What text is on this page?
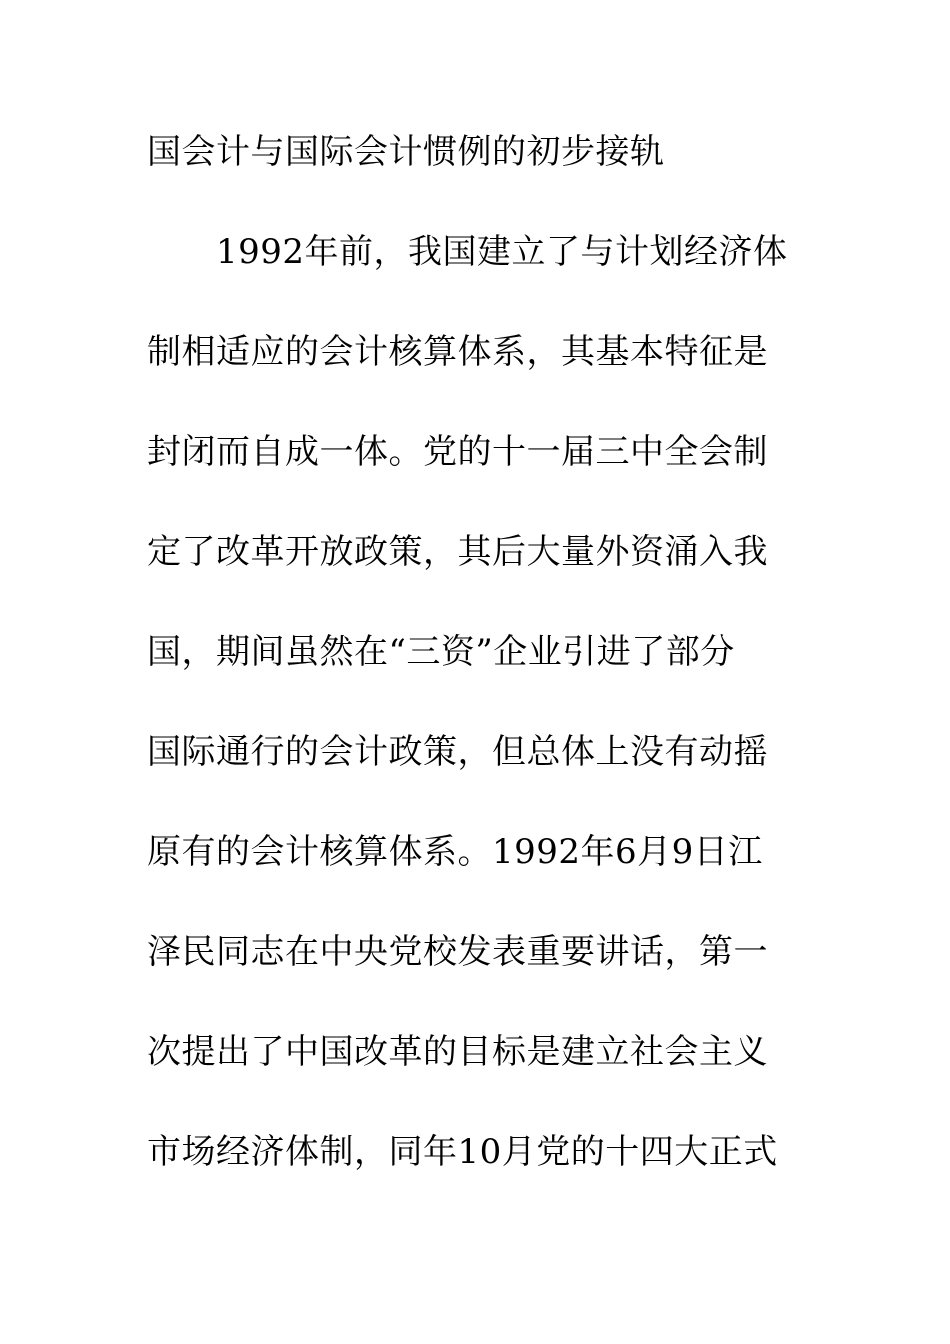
国会计与国际会计惯例的初步接轨
　　1992年前，我国建立了与计划经济体
制相适应的会计核算体系，其基本特征是
封闭而自成一体。党的十一届三中全会制
定了改革开放政策，其后大量外资涌入我
国，期间虽然在“三资”企业引进了部分
国际通行的会计政策，但总体上没有动摇
原有的会计核算体系。1992年6月9日江
泽民同志在中央党校发表重要讲话，第一
次提出了中国改革的目标是建立社会主义
市场经济体制，同年10月党的十四大正式
